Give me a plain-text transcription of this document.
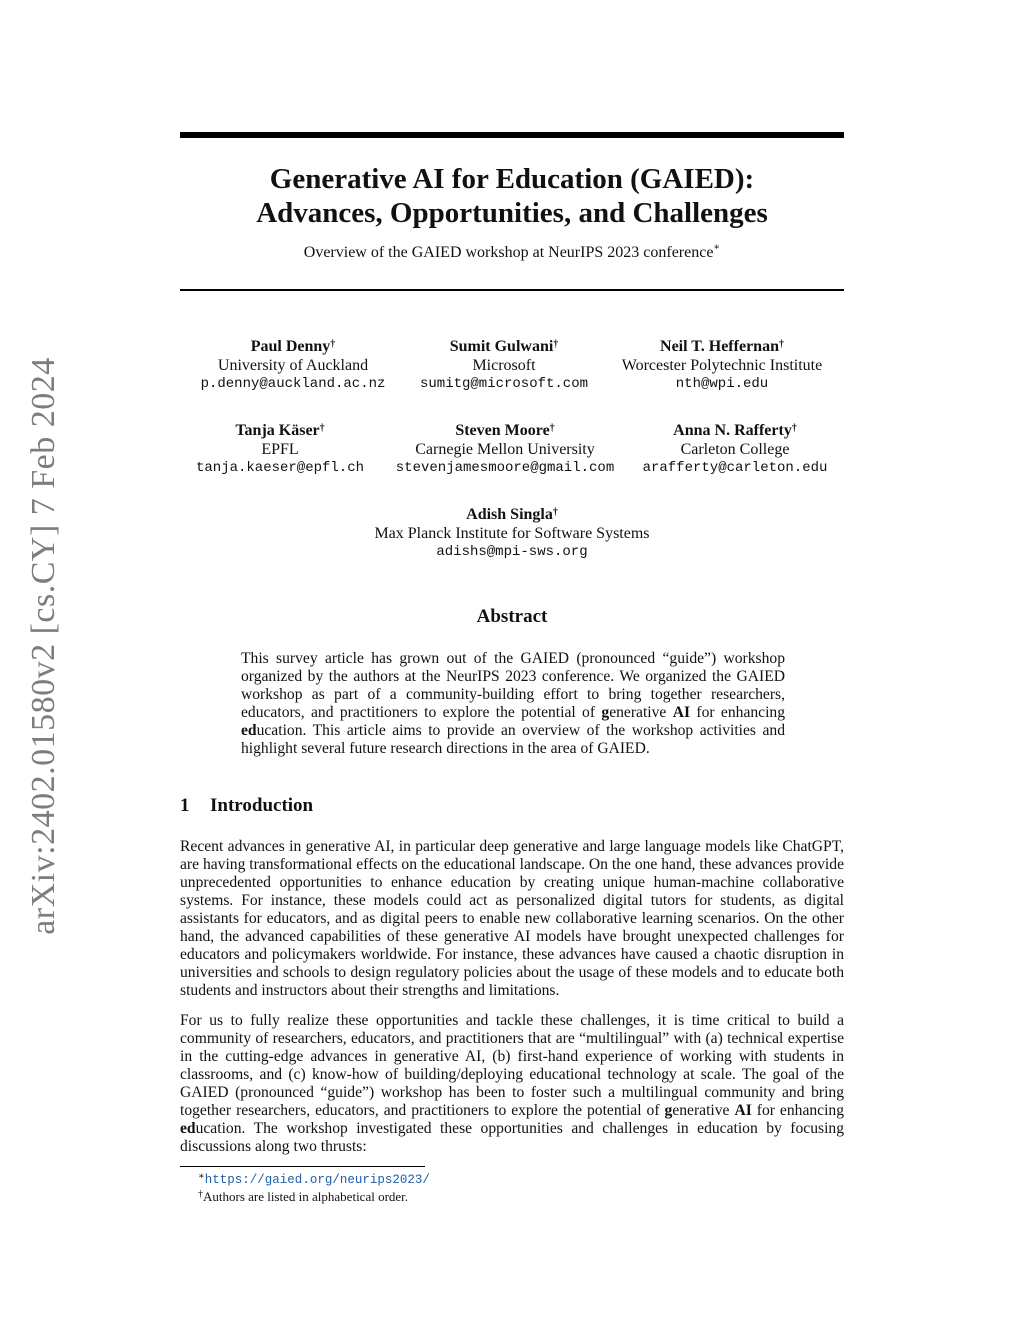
arXiv:2402.01580v2 [cs.CY] 7 Feb 2024
Generative AI for Education (GAIED):
Advances, Opportunities, and Challenges
Overview of the GAIED workshop at NeurIPS 2023 conference∗
Paul Denny†
University of Auckland
p.denny@auckland.ac.nz
Sumit Gulwani†
Microsoft
sumitg@microsoft.com
Neil T. Heffernan†
Worcester Polytechnic Institute
nth@wpi.edu
Tanja Käser†
EPFL
tanja.kaeser@epfl.ch
Steven Moore†
Carnegie Mellon University
stevenjamesmoore@gmail.com
Anna N. Rafferty†
Carleton College
arafferty@carleton.edu
Adish Singla†
Max Planck Institute for Software Systems
adishs@mpi-sws.org
Abstract
This survey article has grown out of the GAIED (pronounced “guide”) workshop organized by the authors at the NeurIPS 2023 conference. We organized the GAIED workshop as part of a community-building effort to bring together researchers, educators, and practitioners to explore the potential of generative AI for enhancing education. This article aims to provide an overview of the workshop activities and highlight several future research directions in the area of GAIED.
1 Introduction
Recent advances in generative AI, in particular deep generative and large language models like ChatGPT, are having transformational effects on the educational landscape. On the one hand, these advances provide unprecedented opportunities to enhance education by creating unique human-machine collaborative systems. For instance, these models could act as personalized digital tutors for students, as digital assistants for educators, and as digital peers to enable new collaborative learning scenarios. On the other hand, the advanced capabilities of these generative AI models have brought unexpected challenges for educators and policymakers worldwide. For instance, these advances have caused a chaotic disruption in universities and schools to design regulatory policies about the usage of these models and to educate both students and instructors about their strengths and limitations.
For us to fully realize these opportunities and tackle these challenges, it is time critical to build a community of researchers, educators, and practitioners that are “multilingual” with (a) technical expertise in the cutting-edge advances in generative AI, (b) first-hand experience of working with students in classrooms, and (c) know-how of building/deploying educational technology at scale. The goal of the GAIED (pronounced “guide”) workshop has been to foster such a multilingual community and bring together researchers, educators, and practitioners to explore the potential of generative AI for enhancing education. The workshop investigated these opportunities and challenges in education by focusing discussions along two thrusts:
∗https://gaied.org/neurips2023/
†Authors are listed in alphabetical order.
